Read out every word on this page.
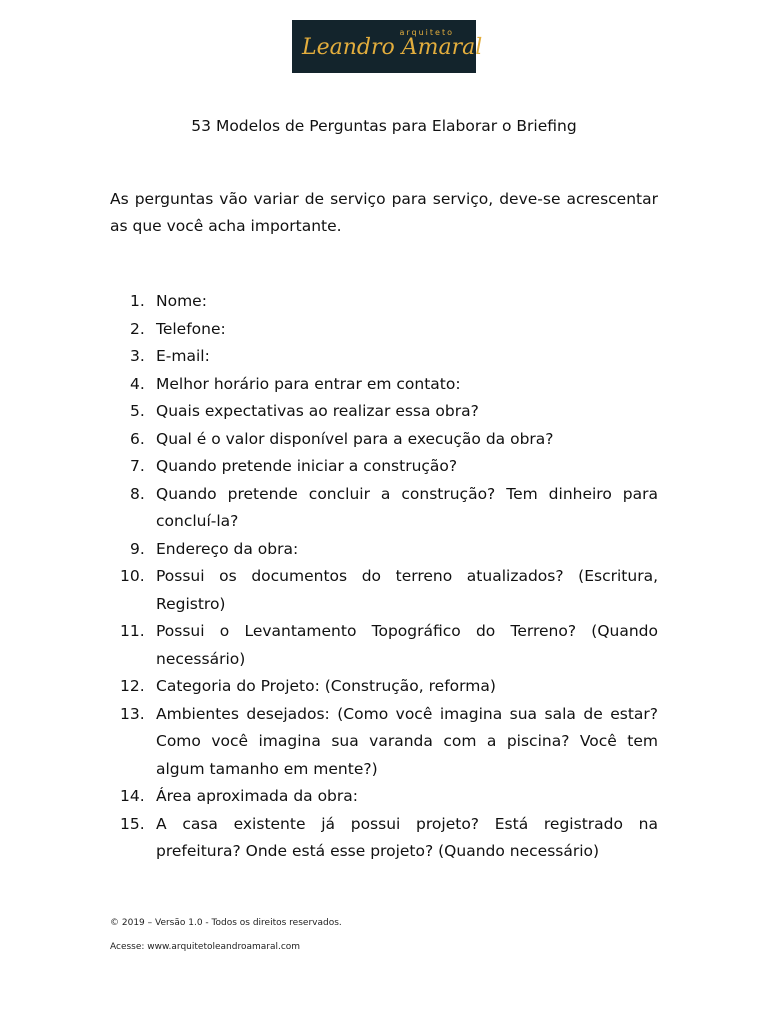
arquiteto
Leandro Amaral
53 Modelos de Perguntas para Elaborar o Briefing

As perguntas vão variar de serviço para serviço, deve-se acrescentar as que você acha importante.

1. Nome:
2. Telefone:
3. E-mail:
4. Melhor horário para entrar em contato:
5. Quais expectativas ao realizar essa obra?
6. Qual é o valor disponível para a execução da obra?
7. Quando pretende iniciar a construção?
8. Quando pretende concluir a construção? Tem dinheiro para concluí-la?
9. Endereço da obra:
10. Possui os documentos do terreno atualizados? (Escritura, Registro)
11. Possui o Levantamento Topográfico do Terreno? (Quando necessário)
12. Categoria do Projeto: (Construção, reforma)
13. Ambientes desejados: (Como você imagina sua sala de estar? Como você imagina sua varanda com a piscina? Você tem algum tamanho em mente?)
14. Área aproximada da obra:
15. A casa existente já possui projeto? Está registrado na prefeitura? Onde está esse projeto? (Quando necessário)
© 2019 – Versão 1.0 - Todos os direitos reservados.
Acesse: www.arquitetoleandroamaral.com
